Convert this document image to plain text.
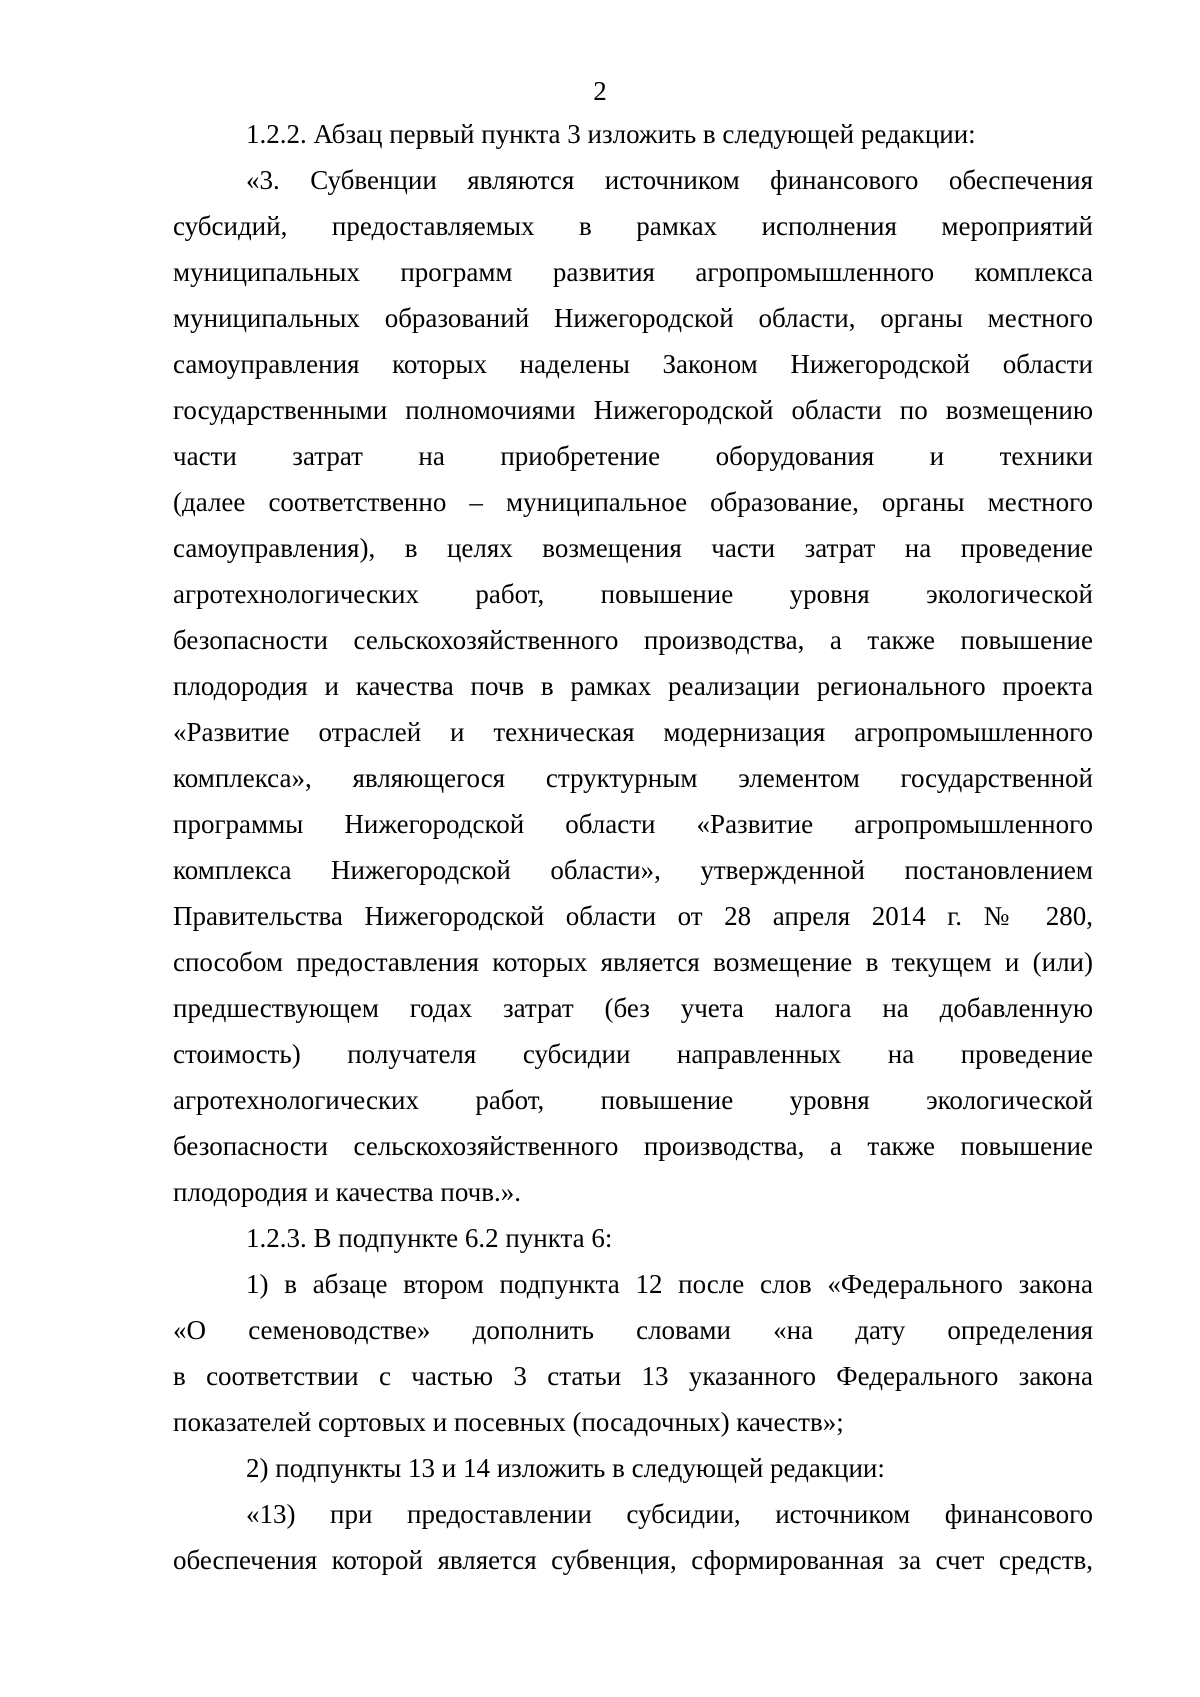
2
1.2.2. Абзац первый пункта 3 изложить в следующей редакции:
«3. Субвенции являются источником финансового обеспечения
субсидий, предоставляемых в рамках исполнения мероприятий
муниципальных программ развития агропромышленного комплекса
муниципальных образований Нижегородской области, органы местного
самоуправления которых наделены Законом Нижегородской области
государственными полномочиями Нижегородской области по возмещению
части затрат на приобретение оборудования и техники
(далее соответственно – муниципальное образование, органы местного
самоуправления), в целях возмещения части затрат на проведение
агротехнологических работ, повышение уровня экологической
безопасности сельскохозяйственного производства, а также повышение
плодородия и качества почв в рамках реализации регионального проекта
«Развитие отраслей и техническая модернизация агропромышленного
комплекса», являющегося структурным элементом государственной
программы Нижегородской области «Развитие агропромышленного
комплекса Нижегородской области», утвержденной постановлением
Правительства Нижегородской области от 28 апреля 2014 г. № 280,
способом предоставления которых является возмещение в текущем и (или)
предшествующем годах затрат (без учета налога на добавленную
стоимость) получателя субсидии направленных на проведение
агротехнологических работ, повышение уровня экологической
безопасности сельскохозяйственного производства, а также повышение
плодородия и качества почв.».
1.2.3. В подпункте 6.2 пункта 6:
1) в абзаце втором подпункта 12 после слов «Федерального закона
«О семеноводстве» дополнить словами «на дату определения
в соответствии с частью 3 статьи 13 указанного Федерального закона
показателей сортовых и посевных (посадочных) качеств»;
2) подпункты 13 и 14 изложить в следующей редакции:
«13) при предоставлении субсидии, источником финансового
обеспечения которой является субвенция, сформированная за счет средств,
